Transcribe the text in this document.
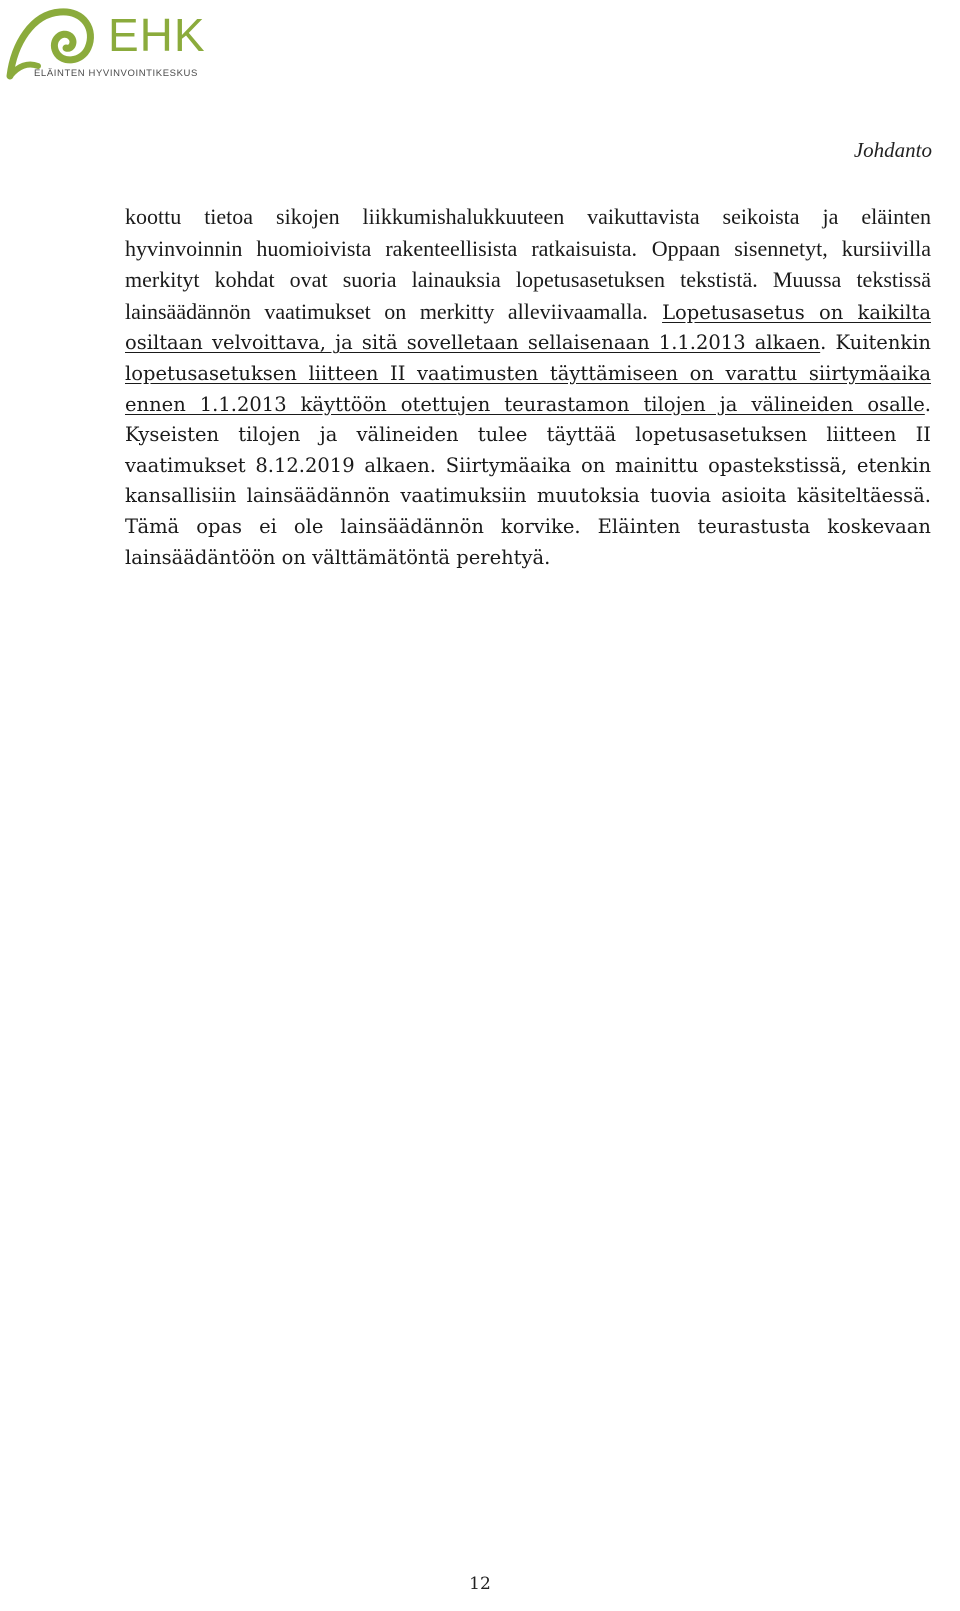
EHK
ELÄINTEN HYVINVOINTIKESKUS
Johdanto
koottu tietoa sikojen liikkumishalukkuuteen vaikuttavista seikoista ja eläinten hyvinvoinnin huomioivista rakenteellisista ratkaisuista. Oppaan sisennetyt, kursiivilla merkityt kohdat ovat suoria lainauksia lopetusasetuksen tekstistä. Muussa tekstissä lainsäädännön vaatimukset on merkitty alleviivaamalla. Lopetusasetus on kaikilta osiltaan velvoittava, ja sitä sovelletaan sellaisenaan 1.1.2013 alkaen. Kuitenkin lopetusasetuksen liitteen II vaatimusten täyttämiseen on varattu siirtymäaika ennen 1.1.2013 käyttöön otettujen teurastamon tilojen ja välineiden osalle. Kyseisten tilojen ja välineiden tulee täyttää lopetusasetuksen liitteen II vaatimukset 8.12.2019 alkaen. Siirtymäaika on mainittu opastekstissä, etenkin kansallisiin lainsäädännön vaatimuksiin muutoksia tuovia asioita käsiteltäessä. Tämä opas ei ole lainsäädännön korvike. Eläinten teurastusta koskevaan lainsäädäntöön on välttämätöntä perehtyä.
12
